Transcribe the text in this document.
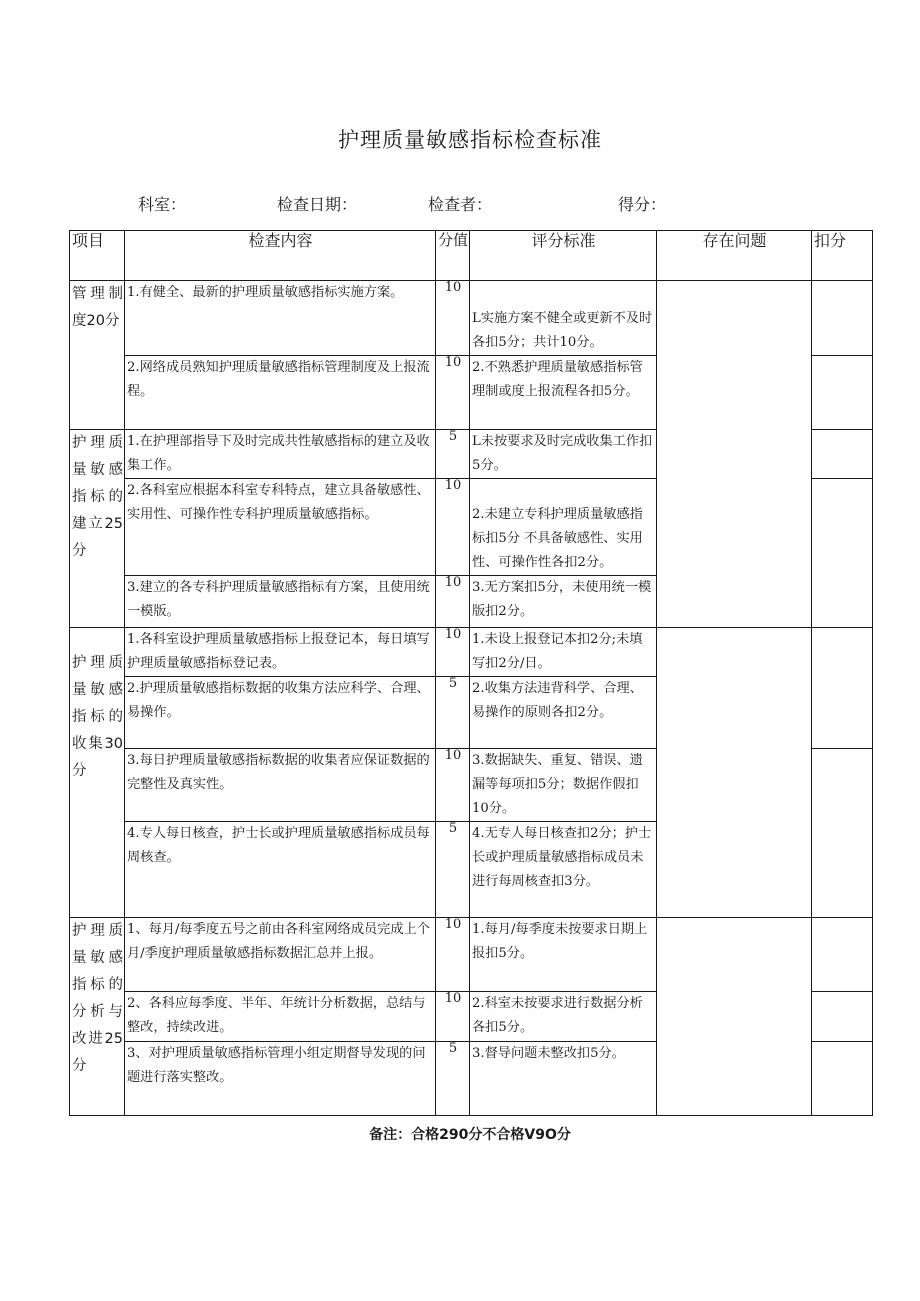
护理质量敏感指标检查标准
科室：	检查日期：	检查者：	得分：
项目	检查内容	分值	评分标准	存在问题	扣分
管理制度20分	1.有健全、最新的护理质量敏感指标实施方案。	10	L实施方案不健全或更新不及时各扣5分；共计10分。		
	2.网络成员熟知护理质量敏感指标管理制度及上报流程。	10	2.不熟悉护理质量敏感指标管理制或度上报流程各扣5分。		
护理质量敏感指标的建立25分	1.在护理部指导下及时完成共性敏感指标的建立及收集工作。	5	L未按要求及时完成收集工作扣5分。		
	2.各科室应根据本科室专科特点，建立具备敏感性、实用性、可操作性专科护理质量敏感指标。	10	2.未建立专科护理质量敏感指标扣5分 不具备敏感性、实用性、可操作性各扣2分。		
	3.建立的各专科护理质量敏感指标有方案，且使用统一模版。	10	3.无方案扣5分，未使用统一模版扣2分。		
护理质量敏感指标的收集30分	1.各科室设护理质量敏感指标上报登记本，每日填写护理质量敏感指标登记表。	10	1.未设上报登记本扣2分;未填写扣2分/日。		
	2.护理质量敏感指标数据的收集方法应科学、合理、易操作。	5	2.收集方法违背科学、合理、易操作的原则各扣2分。		
	3.每日护理质量敏感指标数据的收集者应保证数据的完整性及真实性。	10	3.数据缺失、重复、错误、遗漏等每项扣5分；数据作假扣10分。		
	4.专人每日核查，护士长或护理质量敏感指标成员每周核查。	5	4.无专人每日核查扣2分；护士长或护理质量敏感指标成员未进行每周核查扣3分。		
护理质量敏感指标的分析与改进25分	1、每月/每季度五号之前由各科室网络成员完成上个月/季度护理质量敏感指标数据汇总并上报。	10	1.每月/每季度未按要求日期上报扣5分。		
	2、各科应每季度、半年、年统计分析数据，总结与整改，持续改进。	10	2.科室未按要求进行数据分析各扣5分。		
	3、对护理质量敏感指标管理小组定期督导发现的问题进行落实整改。	5	3.督导问题未整改扣5分。		
备注：合格290分不合格V9O分
